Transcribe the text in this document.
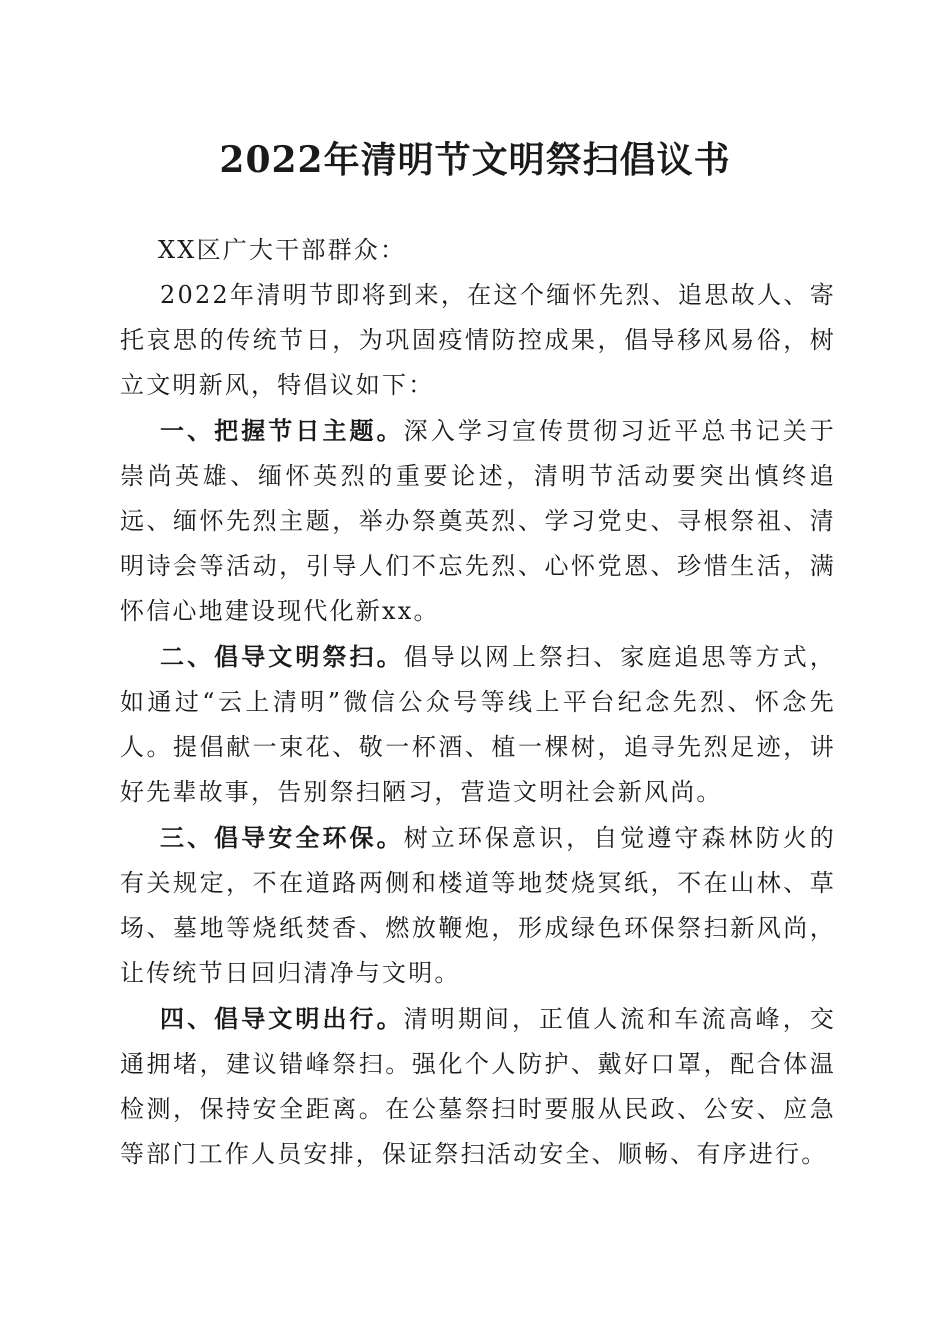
2022年清明节文明祭扫倡议书

XX区广大干部群众：

2022年清明节即将到来，在这个缅怀先烈、追思故人、寄托哀思的传统节日，为巩固疫情防控成果，倡导移风易俗，树立文明新风，特倡议如下：

一、把握节日主题。深入学习宣传贯彻习近平总书记关于崇尚英雄、缅怀英烈的重要论述，清明节活动要突出慎终追远、缅怀先烈主题，举办祭奠英烈、学习党史、寻根祭祖、清明诗会等活动，引导人们不忘先烈、心怀党恩、珍惜生活，满怀信心地建设现代化新xx。

二、倡导文明祭扫。倡导以网上祭扫、家庭追思等方式，如通过“云上清明”微信公众号等线上平台纪念先烈、怀念先人。提倡献一束花、敬一杯酒、植一棵树，追寻先烈足迹，讲好先辈故事，告别祭扫陋习，营造文明社会新风尚。

三、倡导安全环保。树立环保意识，自觉遵守森林防火的有关规定，不在道路两侧和楼道等地焚烧冥纸，不在山林、草场、墓地等烧纸焚香、燃放鞭炮，形成绿色环保祭扫新风尚，让传统节日回归清净与文明。

四、倡导文明出行。清明期间，正值人流和车流高峰，交通拥堵，建议错峰祭扫。强化个人防护、戴好口罩，配合体温检测，保持安全距离。在公墓祭扫时要服从民政、公安、应急等部门工作人员安排，保证祭扫活动安全、顺畅、有序进行。
